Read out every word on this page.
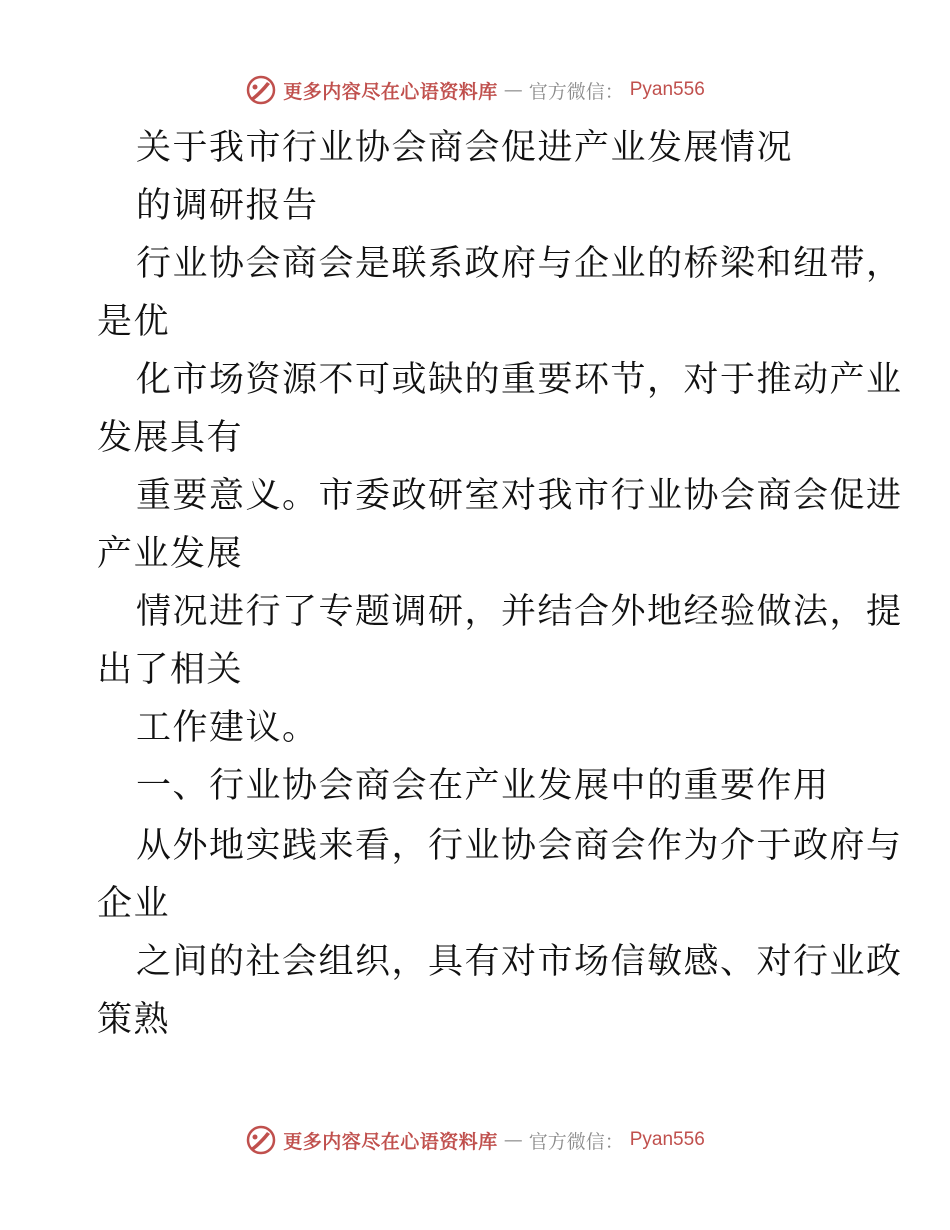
更多内容尽在心语资料库 — 官方微信： Pyan556
关于我市行业协会商会促进产业发展情况
的调研报告
行业协会商会是联系政府与企业的桥梁和纽带，
是优
化市场资源不可或缺的重要环节，对于推动产业
发展具有
重要意义。市委政研室对我市行业协会商会促进
产业发展
情况进行了专题调研，并结合外地经验做法，提
出了相关
工作建议。
一、行业协会商会在产业发展中的重要作用
从外地实践来看，行业协会商会作为介于政府与
企业
之间的社会组织，具有对市场信敏感、对行业政
策熟
更多内容尽在心语资料库 — 官方微信： Pyan556
